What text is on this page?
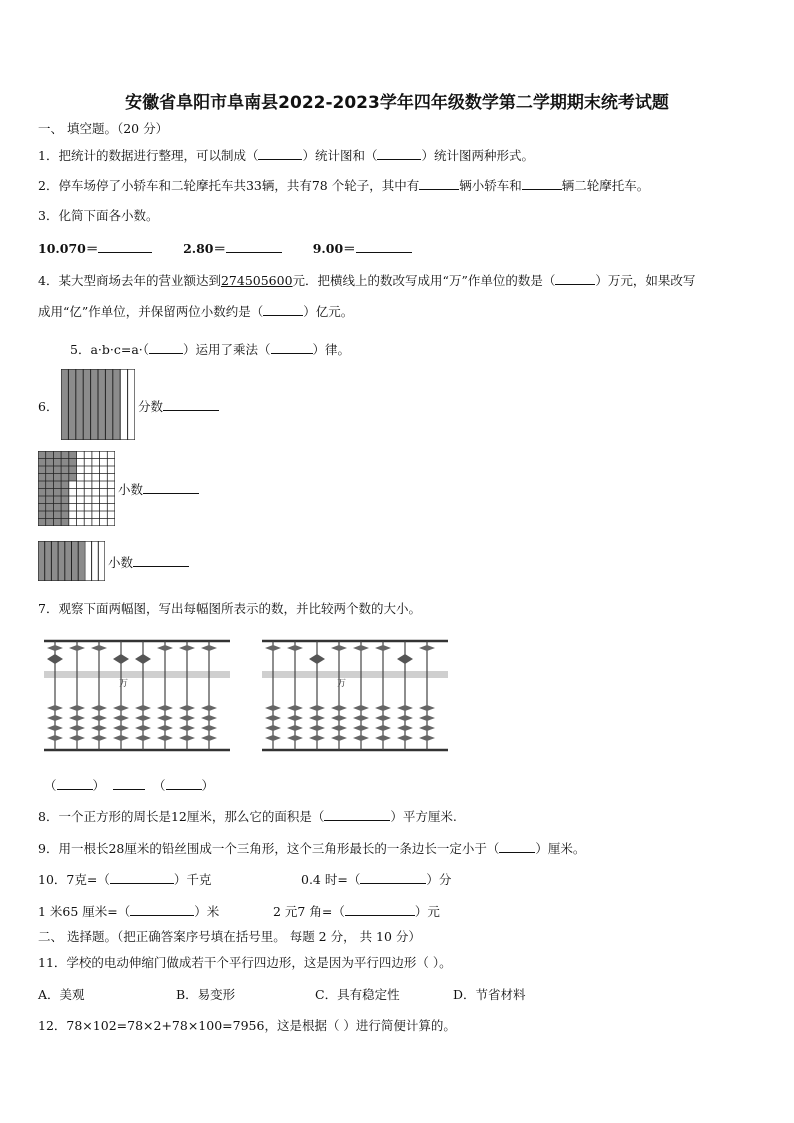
安徽省阜阳市阜南县2022-2023学年四年级数学第二学期期末统考试题
一、 填空题。（20 分）
1．把统计的数据进行整理，可以制成（	）统计图和（	）统计图两种形式。
2．停车场停了小轿车和二轮摩托车共33辆，共有78 个轮子，其中有	辆小轿车和	辆二轮摩托车。
3．化简下面各小数。
10.070＝	2.80＝	9.00＝
4．某大型商场去年的营业额达到274505600元．把横线上的数改写成用“万”作单位的数是（	）万元，如果改写
成用“亿”作单位，并保留两位小数约是（	）亿元。
5．a·b·c=a·（	）运用了乘法（	）律。
6．	分数
小数
小数
7．观察下面两幅图，写出每幅图所表示的数，并比较两个数的大小。
万	万
（	）	（	）
8．一个正方形的周长是12厘米，那么它的面积是（	）平方厘米.
9．用一根长28厘米的铅丝围成一个三角形，这个三角形最长的一条边长一定小于（	）厘米。
10．7克=（	）千克	0.4 时=（	）分
1 米65 厘米=（	）米	2 元7 角=（	）元
二、 选择题。（把正确答案序号填在括号里。 每题 2 分， 共 10 分）
11．学校的电动伸缩门做成若干个平行四边形，这是因为平行四边形（ ）。
A．美观	B．易变形	C．具有稳定性	D．节省材料
12．78×102=78×2+78×100=7956，这是根据（ ）进行简便计算的。
